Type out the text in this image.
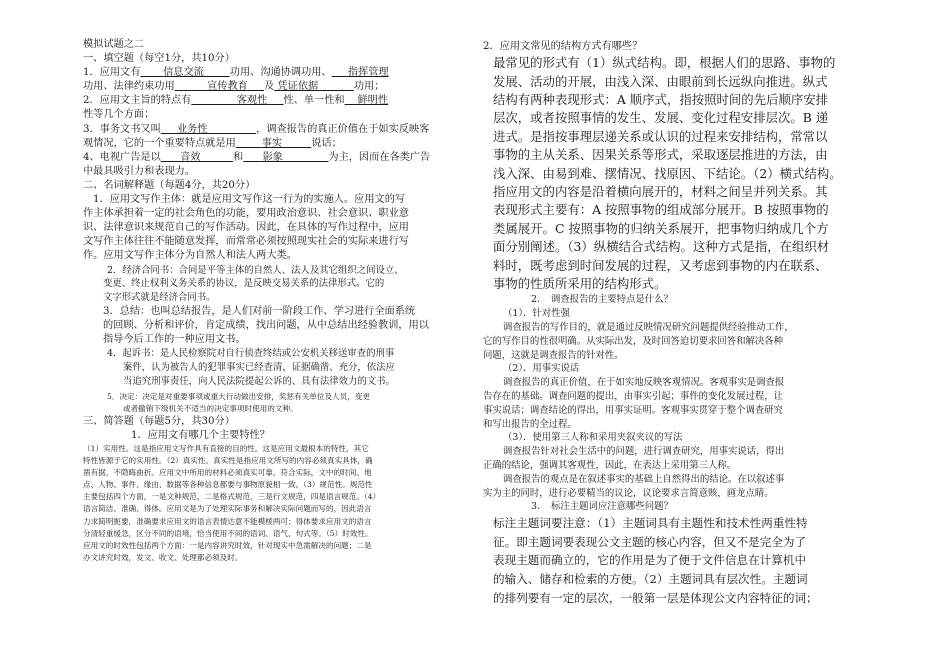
模拟试题之二
一、填空题（每空1分，共10分）
1．应用文有 信息交流	功用、沟通协调功用、 指挥管理
功用、法律约束功用	宣传教育 及 凭证依据	功用；
2．应用文主旨的特点有	客观性 性、单一性和 鲜明性
性等几个方面；
3．事务文书又叫 业务性	，调查报告的真正价值在于如实反映客
观情况，它的一个重要特点就是用	事实	说话；
4、电视广告是以 音效	和 影象	为主，因而在各类广告
中最具吸引力和表现力。
二、名词解释题（每题4分，共20分）
1．应用文写作主体：就是应用文写作这一行为的实施人。应用文的写
作主体承担着一定的社会角色的功能，要用政治意识、社会意识、职业意
识、法律意识来规范自己的写作活动。因此，在具体的写作过程中，应用
文写作主体往往不能随意发挥，而常常必须按照现实社会的实际来进行写
作。应用文写作主体分为自然人和法人两大类。
2．经济合同书：合同是平等主体的自然人、法人及其它组织之间设立、
变更、终止权利义务关系的协议，是反映交易关系的法律形式。它的
文字形式就是经济合同书。
3．总结：也叫总结报告，是人们对前一阶段工作、学习进行全面系统
的回顾、分析和评价，肯定成绩，找出问题，从中总结出经验教训，用以
指导今后工作的一种应用文书。
4．起诉书：是人民检察院对自行侦查终结或公安机关移送审查的刑事
案件，认为被告人的犯罪事实已经查清，证据确凿、充分，依法应
当追究刑事责任，向人民法院提起公诉的、具有法律效力的文书。
5．决定：决定是对重要事项或重大行动做出安排，奖惩有关单位及人员，变更
或者撤销下级机关不适当的决定事项时使用的文种。
三、简答题（每题5分，共30分）
1．应用文有哪几个主要特性？
（1）实用性。这是指应用文写作具有直接的目的性。这是应用文最根本的特性，其它
特性皆源于它的实用性。（2）真实性。真实性是指应用文所写的内容必须真实具体，确
凿有据，不隐晦曲折。应用文中所用的材料必须真实可靠，符合实际，文中的时间、地
点、人物、事件、缘由、数据等各种信息都要与事物原貌相一致。（3）规范性。规范性
主要包括四个方面，一是文种规范，二是格式规范，三是行文规范，四是语言规范。（4）
语言简洁、准确、得体。应用文是为了处理实际事务和解决实际问题而写的，因此语言
力求简明扼要，准确要求应用文的语言表情达意不能模棱两可；得体要求应用文的语言
分清轻重缓急，区分不同的语境，恰当使用不同的语词、语气、句式等。（5）时效性。
应用文的时效性包括两个方面：一是内容讲究时效，针对现实中急需解决的问题；二是
办文讲究时效，发文、收文、处理都必须及时。
2．应用文常见的结构方式有哪些？
最常见的形式有（1）纵式结构。即，根据人们的思路、事物的
发展、活动的开展，由浅入深、由眼前到长远纵向推进。纵式
结构有两种表现形式：A 顺序式，指按照时间的先后顺序安排
层次，或者按照事情的发生、发展、变化过程安排层次。B 递
进式。是指按事理层递关系或认识的过程来安排结构，常常以
事物的主从关系、因果关系等形式，采取逐层推进的方法，由
浅入深、由易到难、摆情况、找原因、下结论。（2）横式结构。
指应用文的内容是沿着横向展开的，材料之间呈并列关系。其
表现形式主要有：A 按照事物的组成部分展开。B 按照事物的
类属展开。C 按照事物的归纳关系展开，把事物归纳成几个方
面分别阐述。（3）纵横结合式结构。这种方式是指，在组织材
料时，既考虑到时间发展的过程，又考虑到事物的内在联系、
事物的性质所采用的结构形式。
2．　调查报告的主要特点是什么？
（1）．针对性强
调查报告的写作目的，就是通过反映情况研究问题提供经验推动工作，
它的写作目的性很明确。从实际出发，及时回答迫切要求回答和解决各种
问题，这就是调查报告的针对性。
（2）．用事实说话
调查报告的真正价值，在于如实地反映客观情况。客观事实是调查报
告存在的基础。调查问题的提出，由事实引起；事件的变化发展过程，让
事实说话；调查结论的得出，用事实证明。客观事实贯穿于整个调查研究
和写出报告的全过程。
（3）．使用第三人称和采用夹叙夹议的写法
调查报告针对社会生活中的问题，进行调查研究，用事实说话，得出
正确的结论，强调其客观性，因此，在表达上采用第三人称。
调查报告的观点是在叙述事实的基础上自然得出的结论。在以叙述事
实为主的同时，进行必要精当的议论，议论要求言简意赅，画龙点睛。
3．　标注主题词应注意哪些问题？
标注主题词要注意：（1）主题词具有主题性和技术性两重性特
征。即主题词要表现公文主题的核心内容，但又不是完全为了
表现主题而确立的，它的作用是为了便于文件信息在计算机中
的输入、储存和检索的方便。（2）主题词具有层次性。主题词
的排列要有一定的层次，一般第一层是体现公文内容特征的词；
